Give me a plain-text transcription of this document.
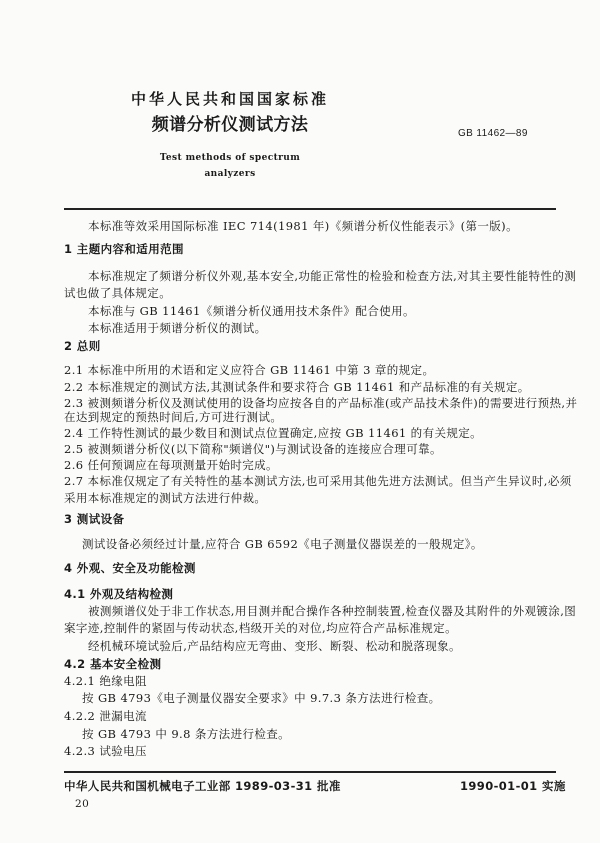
中华人民共和国国家标准
频谱分析仪测试方法	GB 11462—89
Test methods of spectrum
analyzers
本标准等效采用国际标准 IEC 714(1981 年)《频谱分析仪性能表示》(第一版)。
1 主题内容和适用范围
本标准规定了频谱分析仪外观,基本安全,功能正常性的检验和检查方法,对其主要性能特性的测
试也做了具体规定。
本标准与 GB 11461《频谱分析仪通用技术条件》配合使用。
本标准适用于频谱分析仪的测试。
2 总则
2.1 本标准中所用的术语和定义应符合 GB 11461 中第 3 章的规定。
2.2 本标准规定的测试方法,其测试条件和要求符合 GB 11461 和产品标准的有关规定。
2.3 被测频谱分析仪及测试使用的设备均应按各自的产品标准(或产品技术条件)的需要进行预热,并
在达到规定的预热时间后,方可进行测试。
2.4 工作特性测试的最少数目和测试点位置确定,应按 GB 11461 的有关规定。
2.5 被测频谱分析仪(以下简称"频谱仪")与测试设备的连接应合理可靠。
2.6 任何预调应在每项测量开始时完成。
2.7 本标准仅规定了有关特性的基本测试方法,也可采用其他先进方法测试。但当产生异议时,必须
采用本标准规定的测试方法进行仲裁。
3 测试设备
测试设备必须经过计量,应符合 GB 6592《电子测量仪器误差的一般规定》。
4 外观、安全及功能检测
4.1 外观及结构检测
被测频谱仪处于非工作状态,用目测并配合操作各种控制装置,检查仪器及其附件的外观镀涂,图
案字迹,控制件的紧固与传动状态,档级开关的对位,均应符合产品标准规定。
经机械环境试验后,产品结构应无弯曲、变形、断裂、松动和脱落现象。
4.2 基本安全检测
4.2.1 绝缘电阻
按 GB 4793《电子测量仪器安全要求》中 9.7.3 条方法进行检查。
4.2.2 泄漏电流
按 GB 4793 中 9.8 条方法进行检查。
4.2.3 试验电压
中华人民共和国机械电子工业部 1989-03-31 批准	1990-01-01 实施
20
